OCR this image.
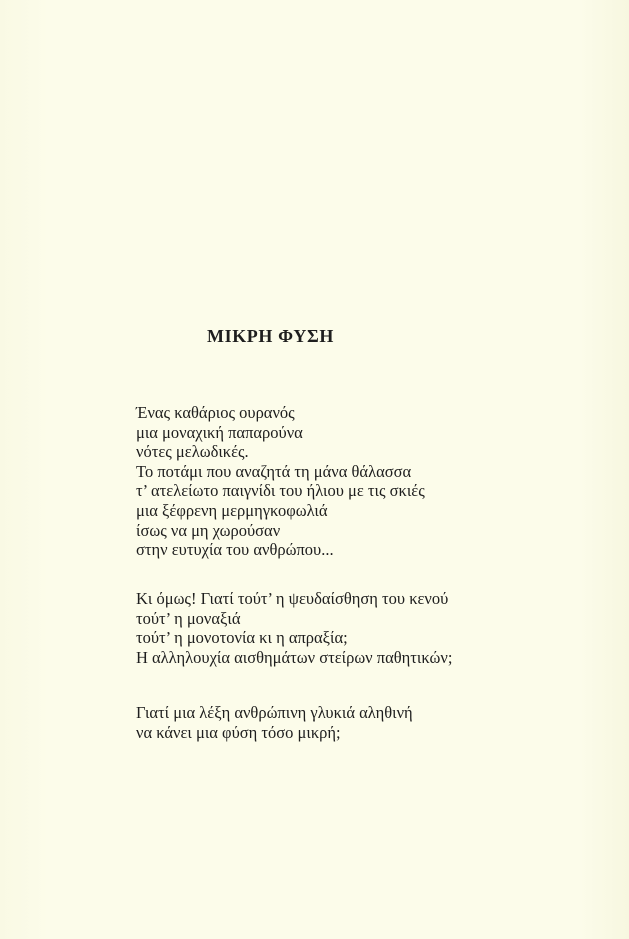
ΜΙΚΡΗ ΦΥΣΗ
Ένας καθάριος ουρανός
μια μοναχική παπαρούνα
νότες μελωδικές.
Το ποτάμι που αναζητά τη μάνα θάλασσα
τ’ ατελείωτο παιγνίδι του ήλιου με τις σκιές
μια ξέφρενη μερμηγκοφωλιά
ίσως να μη χωρούσαν
στην ευτυχία του ανθρώπου...
Κι όμως! Γιατί τούτ’ η ψευδαίσθηση του κενού
τούτ’ η μοναξιά
τούτ’ η μονοτονία κι η απραξία;
Η αλληλουχία αισθημάτων στείρων παθητικών;
Γιατί μια λέξη ανθρώπινη γλυκιά αληθινή
να κάνει μια φύση τόσο μικρή;
